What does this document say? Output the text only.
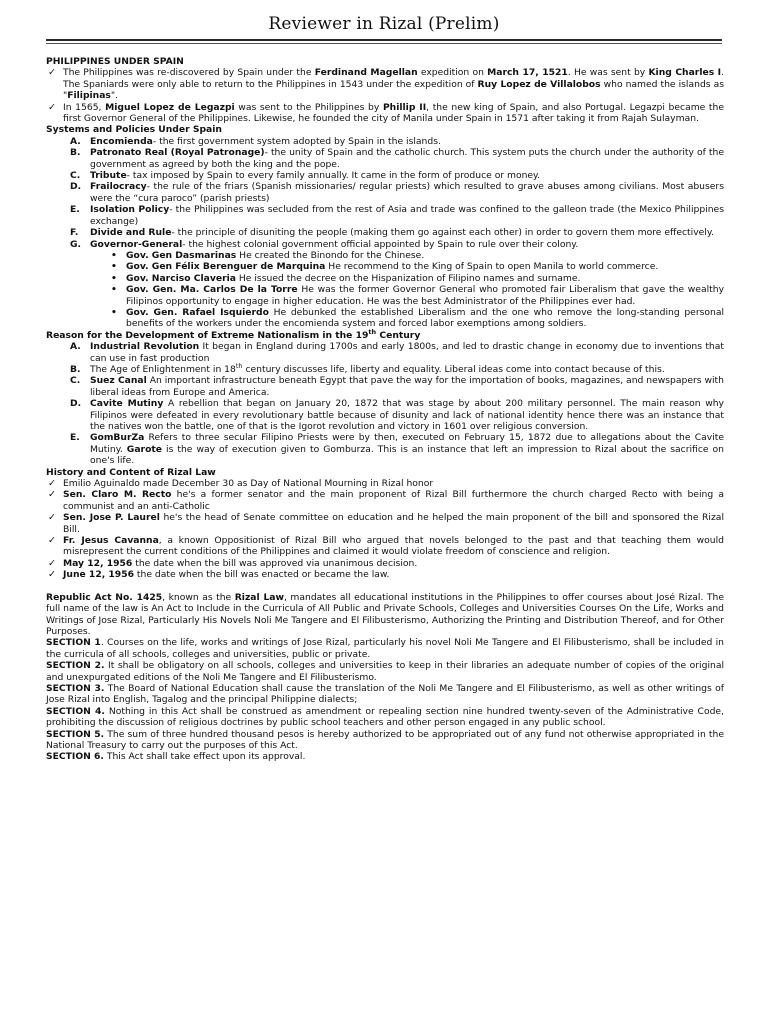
Reviewer in Rizal (Prelim)

PHILIPPINES UNDER SPAIN

✓ The Philippines was re-discovered by Spain under the Ferdinand Magellan expedition on March 17, 1521. He was sent by King Charles I. The Spaniards were only able to return to the Philippines in 1543 under the expedition of Ruy Lopez de Villalobos who named the islands as "Filipinas".
✓ In 1565, Miguel Lopez de Legazpi was sent to the Philippines by Phillip II, the new king of Spain, and also Portugal. Legazpi became the first Governor General of the Philippines. Likewise, he founded the city of Manila under Spain in 1571 after taking it from Rajah Sulayman.

Systems and Policies Under Spain

A. Encomienda- the first government system adopted by Spain in the islands.
B. Patronato Real (Royal Patronage)- the unity of Spain and the catholic church. This system puts the church under the authority of the government as agreed by both the king and the pope.
C. Tribute- tax imposed by Spain to every family annually. It came in the form of produce or money.
D. Frailocracy- the rule of the friars (Spanish missionaries/ regular priests) which resulted to grave abuses among civilians. Most abusers were the “cura paroco” (parish priests)
E. Isolation Policy- the Philippines was secluded from the rest of Asia and trade was confined to the galleon trade (the Mexico Philippines exchange)
F. Divide and Rule- the principle of disuniting the people (making them go against each other) in order to govern them more effectively.
G. Governor-General- the highest colonial government official appointed by Spain to rule over their colony.
• Gov. Gen Dasmarinas He created the Binondo for the Chinese.
• Gov. Gen Félix Berenguer de Marquina He recommend to the King of Spain to open Manila to world commerce.
• Gov. Narciso Claveria He issued the decree on the Hispanization of Filipino names and surname.
• Gov. Gen. Ma. Carlos De la Torre He was the former Governor General who promoted fair Liberalism that gave the wealthy Filipinos opportunity to engage in higher education. He was the best Administrator of the Philippines ever had.
• Gov. Gen. Rafael Isquierdo He debunked the established Liberalism and the one who remove the long-standing personal benefits of the workers under the encomienda system and forced labor exemptions among soldiers.

Reason for the Development of Extreme Nationalism in the 19th Century

A. Industrial Revolution It began in England during 1700s and early 1800s, and led to drastic change in economy due to inventions that can use in fast production
B. The Age of Enlightenment in 18th century discusses life, liberty and equality. Liberal ideas come into contact because of this.
C. Suez Canal An important infrastructure beneath Egypt that pave the way for the importation of books, magazines, and newspapers with liberal ideas from Europe and America.
D. Cavite Mutiny A rebellion that began on January 20, 1872 that was stage by about 200 military personnel. The main reason why Filipinos were defeated in every revolutionary battle because of disunity and lack of national identity hence there was an instance that the natives won the battle, one of that is the Igorot revolution and victory in 1601 over religious conversion.
E. GomBurZa Refers to three secular Filipino Priests were by then, executed on February 15, 1872 due to allegations about the Cavite Mutiny. Garote is the way of execution given to Gomburza. This is an instance that left an impression to Rizal about the sacrifice on one's life.

History and Content of Rizal Law

✓ Emilio Aguinaldo made December 30 as Day of National Mourning in Rizal honor
✓ Sen. Claro M. Recto he's a former senator and the main proponent of Rizal Bill furthermore the church charged Recto with being a communist and an anti-Catholic
✓ Sen. Jose P. Laurel he's the head of Senate committee on education and he helped the main proponent of the bill and sponsored the Rizal Bill.
✓ Fr. Jesus Cavanna, a known Oppositionist of Rizal Bill who argued that novels belonged to the past and that teaching them would misrepresent the current conditions of the Philippines and claimed it would violate freedom of conscience and religion.
✓ May 12, 1956 the date when the bill was approved via unanimous decision.
✓ June 12, 1956 the date when the bill was enacted or became the law.
Republic Act No. 1425, known as the Rizal Law, mandates all educational institutions in the Philippines to offer courses about José Rizal. The full name of the law is An Act to Include in the Curricula of All Public and Private Schools, Colleges and Universities Courses On the Life, Works and Writings of Jose Rizal, Particularly His Novels Noli Me Tangere and El Filibusterismo, Authorizing the Printing and Distribution Thereof, and for Other Purposes.
SECTION 1. Courses on the life, works and writings of Jose Rizal, particularly his novel Noli Me Tangere and El Filibusterismo, shall be included in the curricula of all schools, colleges and universities, public or private.
SECTION 2. It shall be obligatory on all schools, colleges and universities to keep in their libraries an adequate number of copies of the original and unexpurgated editions of the Noli Me Tangere and El Filibusterismo.
SECTION 3. The Board of National Education shall cause the translation of the Noli Me Tangere and El Filibusterismo, as well as other writings of Jose Rizal into English, Tagalog and the principal Philippine dialects;
SECTION 4. Nothing in this Act shall be construed as amendment or repealing section nine hundred twenty-seven of the Administrative Code, prohibiting the discussion of religious doctrines by public school teachers and other person engaged in any public school.
SECTION 5. The sum of three hundred thousand pesos is hereby authorized to be appropriated out of any fund not otherwise appropriated in the National Treasury to carry out the purposes of this Act.
SECTION 6. This Act shall take effect upon its approval.
